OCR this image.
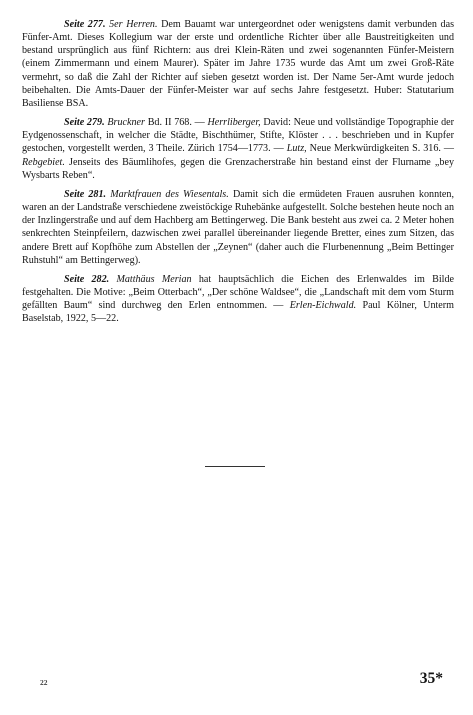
Seite 277. 5er Herren. Dem Bauamt war untergeordnet oder wenigstens damit verbunden das Fünfer-Amt. Dieses Kollegium war der erste und ordentliche Richter über alle Baustreitigkeiten und bestand ursprünglich aus fünf Richtern: aus drei Klein-Räten und zwei sogenannten Fünfer-Meistern (einem Zimmermann und einem Maurer). Später im Jahre 1735 wurde das Amt um zwei Groß-Räte vermehrt, so daß die Zahl der Richter auf sieben gesetzt worden ist. Der Name 5er-Amt wurde jedoch beibehalten. Die Amts-Dauer der Fünfer-Meister war auf sechs Jahre festgesetzt. Huber: Statutarium Basiliense BSA.

Seite 279. Bruckner Bd. II 768. — Herrliberger, David: Neue und vollständige Topographie der Eydgenossenschaft, in welcher die Städte, Bischthümer, Stifte, Klöster . . . beschrieben und in Kupfer gestochen, vorgestellt werden, 3 Theile. Zürich 1754—1773. — Lutz, Neue Merkwürdigkeiten S. 316. — Rebgebiet. Jenseits des Bäumlihofes, gegen die Grenzacherstraße hin bestand einst der Flurname „bey Wysbarts Reben“.

Seite 281. Marktfrauen des Wiesentals. Damit sich die ermüdeten Frauen ausruhen konnten, waren an der Landstraße verschiedene zweistöckige Ruhebänke aufgestellt. Solche bestehen heute noch an der Inzlingerstraße und auf dem Hachberg am Bettingerweg. Die Bank besteht aus zwei ca. 2 Meter hohen senkrechten Steinpfeilern, dazwischen zwei parallel übereinander liegende Bretter, eines zum Sitzen, das andere Brett auf Kopfhöhe zum Abstellen der „Zeynen“ (daher auch die Flurbenennung „Beim Bettinger Ruhstuhl“ am Bettingerweg).

Seite 282. Matthäus Merian hat hauptsächlich die Eichen des Erlenwaldes im Bilde festgehalten. Die Motive: „Beim Otterbach“, „Der schöne Waldsee“, die „Landschaft mit dem vom Sturm gefällten Baum“ sind durchweg den Erlen entnommen. — Erlen-Eichwald. Paul Kölner, Unterm Baselstab, 1922, 5—22.

22	35*
